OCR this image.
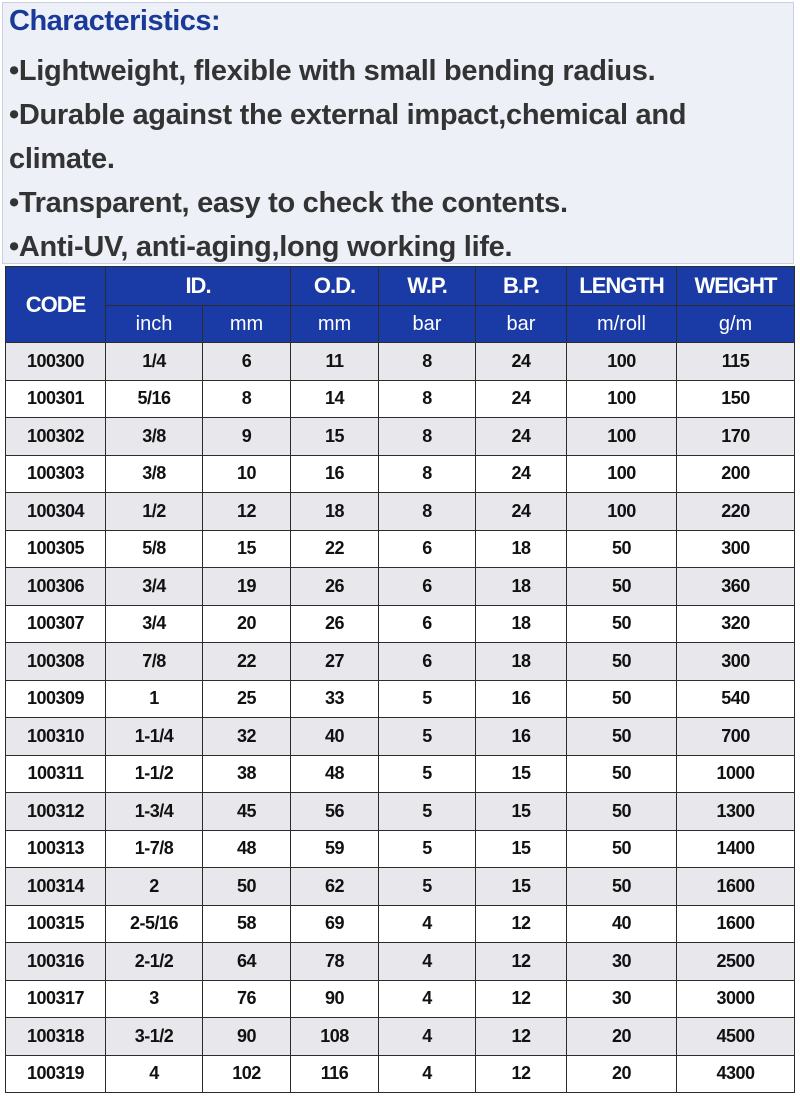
Characteristics:
•Lightweight, flexible with small bending radius.
•Durable against the external impact,chemical and climate.
•Transparent, easy to check the contents.
•Anti-UV, anti-aging,long working life.
CODE	ID.		O.D.	W.P.	B.P.	LENGTH	WEIGHT
	inch	mm	mm	bar	bar	m/roll	g/m
100300	1/4	6	11	8	24	100	115
100301	5/16	8	14	8	24	100	150
100302	3/8	9	15	8	24	100	170
100303	3/8	10	16	8	24	100	200
100304	1/2	12	18	8	24	100	220
100305	5/8	15	22	6	18	50	300
100306	3/4	19	26	6	18	50	360
100307	3/4	20	26	6	18	50	320
100308	7/8	22	27	6	18	50	300
100309	1	25	33	5	16	50	540
100310	1-1/4	32	40	5	16	50	700
100311	1-1/2	38	48	5	15	50	1000
100312	1-3/4	45	56	5	15	50	1300
100313	1-7/8	48	59	5	15	50	1400
100314	2	50	62	5	15	50	1600
100315	2-5/16	58	69	4	12	40	1600
100316	2-1/2	64	78	4	12	30	2500
100317	3	76	90	4	12	30	3000
100318	3-1/2	90	108	4	12	20	4500
100319	4	102	116	4	12	20	4300
